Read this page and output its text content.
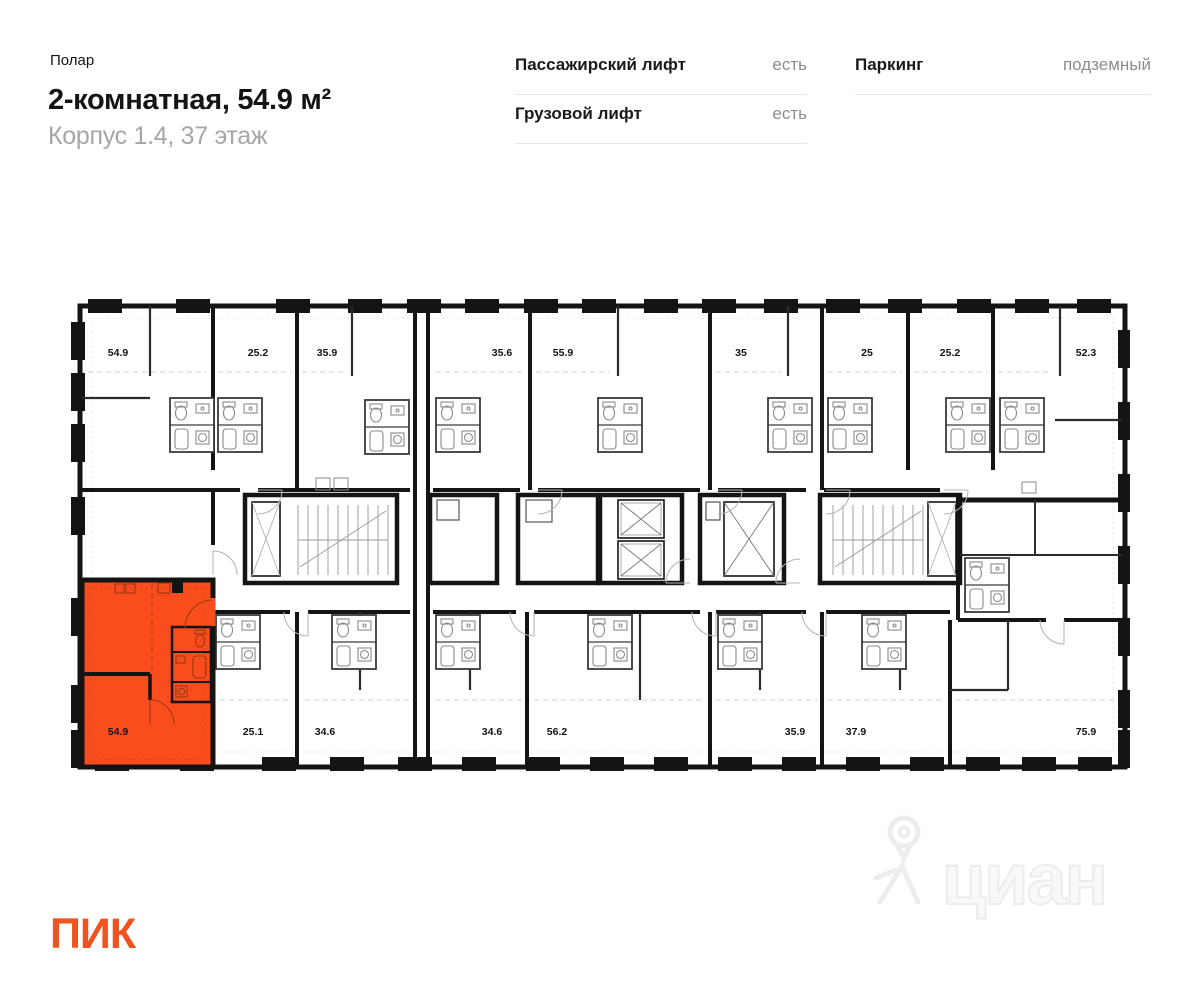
Полар
2-комнатная, 54.9 м²
Корпус 1.4, 37 этаж
Пассажирский лифт	есть
Грузовой лифт	есть
Паркинг	подземный
54.9	25.2	35.9	35.6	55.9	35	25	25.2	52.3
54.9	25.1	34.6	34.6	56.2	35.9	37.9	75.9
циан
ПИК
